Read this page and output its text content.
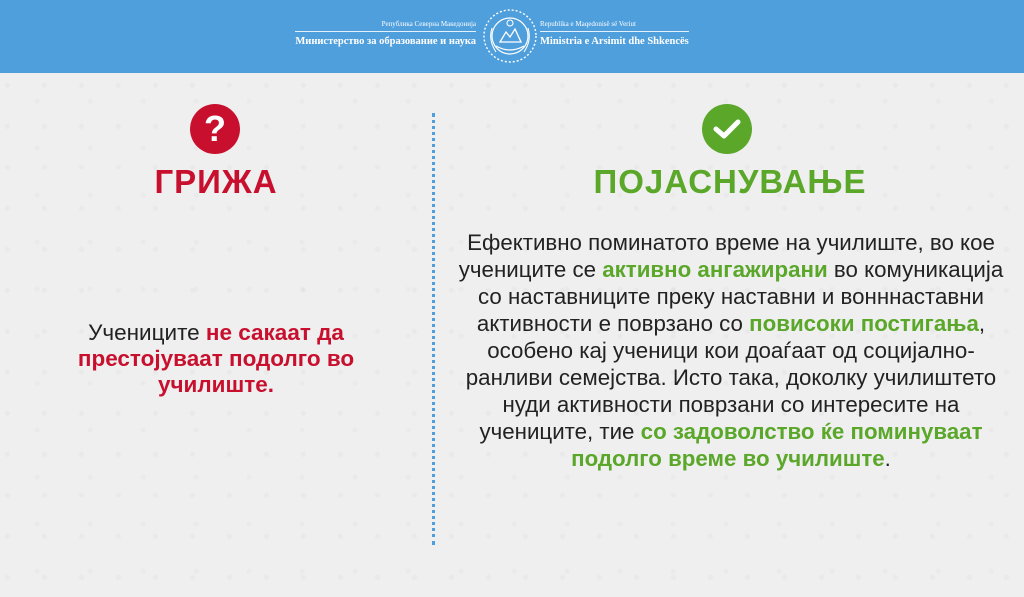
Република Северна Македонија
Министерство за образование и наука
Republika e Maqedonisë së Veriut
Ministria e Arsimit dhe Shkencës
?
ГРИЖА
Учениците не сакаат да престојуваат подолго во училиште.
ПОЈАСНУВАЊЕ
Ефективно поминатото време на училиште, во кое учениците се активно ангажирани во комуникација со наставниците преку наставни и вонннаставни активности е поврзано со повисоки постигања, особено кај ученици кои доаѓаат од социјално-ранливи семејства. Исто така, доколку училиштето нуди активности поврзани со интересите на учениците, тие со задоволство ќе поминуваат подолго време во училиште.
